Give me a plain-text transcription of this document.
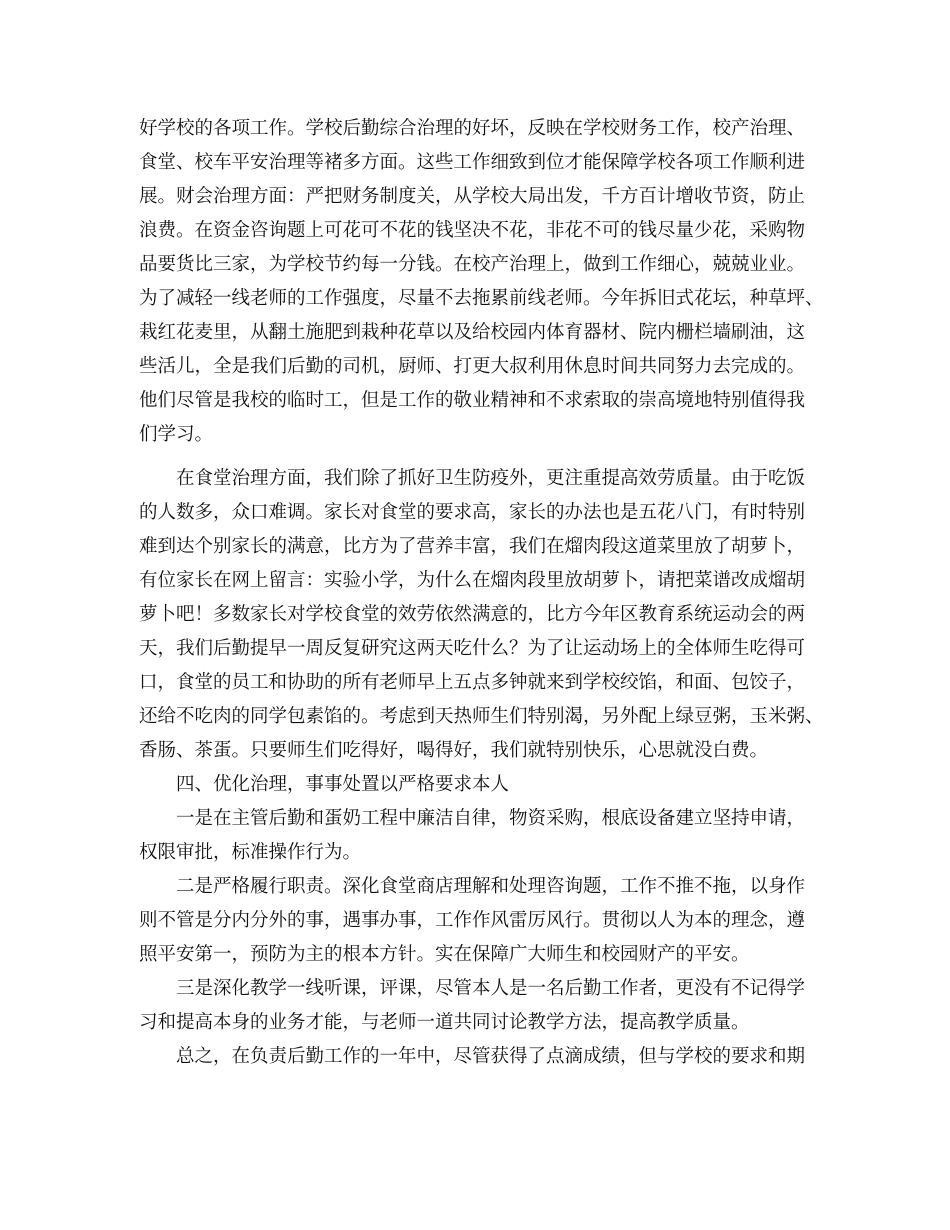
好学校的各项工作。学校后勤综合治理的好坏，反映在学校财务工作，校产治理、
食堂、校车平安治理等褚多方面。这些工作细致到位才能保障学校各项工作顺利进
展。财会治理方面：严把财务制度关，从学校大局出发，千方百计增收节资，防止
浪费。在资金咨询题上可花可不花的钱坚决不花，非花不可的钱尽量少花，采购物
品要货比三家，为学校节约每一分钱。在校产治理上，做到工作细心，兢兢业业。
为了减轻一线老师的工作强度，尽量不去拖累前线老师。今年拆旧式花坛，种草坪、
栽红花麦里，从翻土施肥到栽种花草以及给校园内体育器材、院内栅栏墙刷油，这
些活儿，全是我们后勤的司机，厨师、打更大叔利用休息时间共同努力去完成的。
他们尽管是我校的临时工，但是工作的敬业精神和不求索取的崇高境地特别值得我
们学习。
在食堂治理方面，我们除了抓好卫生防疫外，更注重提高效劳质量。由于吃饭
的人数多，众口难调。家长对食堂的要求高，家长的办法也是五花八门，有时特别
难到达个别家长的满意，比方为了营养丰富，我们在熘肉段这道菜里放了胡萝卜，
有位家长在网上留言：实验小学，为什么在熘肉段里放胡萝卜，请把菜谱改成熘胡
萝卜吧！多数家长对学校食堂的效劳依然满意的，比方今年区教育系统运动会的两
天，我们后勤提早一周反复研究这两天吃什么？为了让运动场上的全体师生吃得可
口，食堂的员工和协助的所有老师早上五点多钟就来到学校绞馅，和面、包饺子，
还给不吃肉的同学包素馅的。考虑到天热师生们特别渴，另外配上绿豆粥，玉米粥、
香肠、茶蛋。只要师生们吃得好，喝得好，我们就特别快乐，心思就没白费。
四、优化治理，事事处置以严格要求本人
一是在主管后勤和蛋奶工程中廉洁自律，物资采购，根底设备建立坚持申请，
权限审批，标准操作行为。
二是严格履行职责。深化食堂商店理解和处理咨询题，工作不推不拖，以身作
则不管是分内分外的事，遇事办事，工作作风雷厉风行。贯彻以人为本的理念，遵
照平安第一，预防为主的根本方针。实在保障广大师生和校园财产的平安。
三是深化教学一线听课，评课，尽管本人是一名后勤工作者，更没有不记得学
习和提高本身的业务才能，与老师一道共同讨论教学方法，提高教学质量。
总之，在负责后勤工作的一年中，尽管获得了点滴成绩，但与学校的要求和期
